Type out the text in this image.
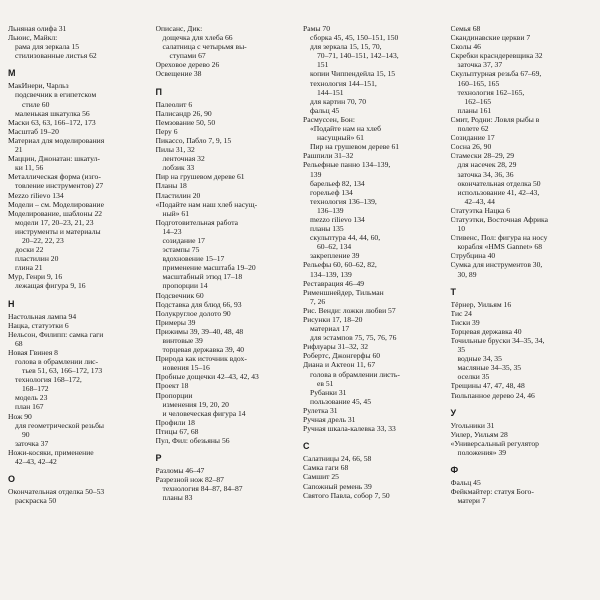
Льняная олифа 31
Льюис, Майкл:
рама для зеркала 15
стилизованные листья 62
М
МакИнери, Чарльз
подсвечник в египетском
стиле 60
маленькая шкатулка 56
Маски 63, 63, 166–172, 173
Масштаб 19–20
Материал для моделирования
21
Маццин, Джонатан: шкатул-
ки 11, 56
Металлическая форма (изго-
товление инструментов) 27
Mezzo rilievo 134
Модели – см. Моделирование
Моделирование, шаблоны 22
модели 17, 20–23, 21, 23
инструменты и материалы
20–22, 22, 23
доски 22
пластилин 20
глина 21
Мур, Генри 9, 16
лежащая фигура 9, 16
Н
Настольная лампа 94
Нацка, статуэтки 6
Нельсон, Филипп: самка гаги
68
Новая Гвинея 8
голова в обрамлении лис-
тьев 51, 63, 166–172, 173
технология 168–172,
168–172
модель 23
план 167
Нож 90
для геометрической резьбы
90
заточка 37
Ножи-косяки, применение
42–43, 42–42
О
Окончательная отделка 50–53
раскраска 50
Описанс, Дик:
дощечка для хлеба 66
салатница с четырьмя вы-
ступами 67
Ореховое дерево 26
Освещение 38
П
Палеолит 6
Палисандр 26, 90
Пемзование 50, 50
Перу 6
Пикассо, Пабло 7, 9, 15
Пилы 31, 32
ленточная 32
лобзик 33
Пир на грушевом дереве 61
Планы 18
Пластилин 20
«Подайте нам наш хлеб насущ-
ный» 61
Подготовительная работа
14–23
созидание 17
эстампы 75
вдохновение 15–17
применение масштаба 19–20
масштабный этюд 17–18
пропорции 14
Подсвечник 60
Подставка для блюд 66, 93
Полукруглое долото 90
Примеры 39
Прижимы 39, 39–40, 48, 48
винтовые 39
торцевая державка 39, 40
Природа как источник вдох-
новения 15–16
Пробные дощечки 42–43, 42, 43
Проект 18
Пропорции
изменения 19, 20, 20
и человеческая фигура 14
Профили 18
Птицы 67, 68
Пул, Фил: обезьяны 56
Р
Разломы 46–47
Разрезной нож 82–87
технология 84–87, 84–87
планы 83
Рамы 70
сборка 45, 45, 150–151, 150
для зеркала 15, 15, 70,
70–71, 140–151, 142–143,
151
копии Чиппендейла 15, 15
технология 144–151,
144–151
для картин 70, 70
фальц 45
Расмуссен, Бон:
«Подайте нам на хлеб
насущный» 61
Пир на грушевом дереве 61
Рашпили 31–32
Рельефные панно 134–139,
139
барельеф 82, 134
горельеф 134
технология 136–139,
136–139
mezzo rilievo 134
планы 135
скульптура 44, 44, 60,
60–62, 134
закрепление 39
Рельефы 60, 60–62, 82,
134–139, 139
Реставрация 46–49
Рименшнейдер, Тильман
7, 26
Рис. Венди: ложки любви 57
Рисунки 17, 18–20
материал 17
для эстампов 75, 75, 76, 76
Рифлуары 31–32, 32
Робертс, Джонгерфы 60
Диана и Актеон 11, 67
голова в обрамлении листь-
ев 51
Рубанки 31
пользование 45, 45
Рулетка 31
Ручная дрель 31
Ручная шкала-калевка 33, 33
С
Салатницы 24, 66, 58
Самка гаги 68
Самшит 25
Сапожный ремень 39
Святого Павла, собор 7, 50
Семья 68
Скандинавские церкви 7
Сколы 46
Скребки красндеревщика 32
заточка 37, 37
Скульптурная резьба 67–69,
160–165, 165
технология 162–165,
162–165
планы 161
Смит, Родни: Ловля рыбы в
полете 62
Созидание 17
Сосна 26, 90
Стамески 28–29, 29
для насечек 28, 29
заточка 34, 36, 36
окончательная отделка 50
использование 41, 42–43,
42–43, 44
Статуэтка Нацка 6
Статуэтки, Восточная Африка
10
Стивенс, Пол: фигура на носу
корабля «HMS Gannet» 68
Струбцина 40
Сумка для инструментов 30,
30, 89
Т
Тёрнер, Уильям 16
Тис 24
Тиски 39
Торцевая державка 40
Точильные бруски 34–35, 34,
35
водные 34, 35
масляные 34–35, 35
оселки 35
Трещины 47, 47, 48, 48
Тюльпанное дерево 24, 46
У
Угольники 31
Уилер, Уильям 28
«Универсальный регулятор
положения» 39
Ф
Фальц 45
Фейкмайтер: статуя Бого-
матери 7
